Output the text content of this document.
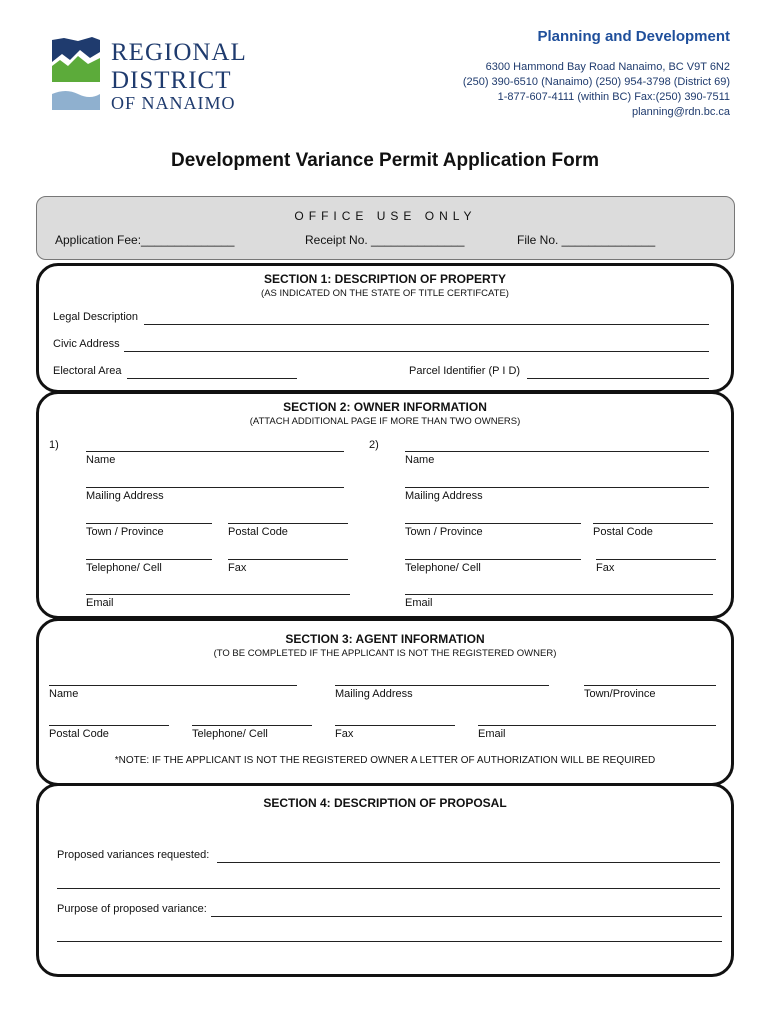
REGIONAL
DISTRICT
OF NANAIMO
Planning and Development
6300 Hammond Bay Road Nanaimo, BC V9T 6N2
(250) 390-6510 (Nanaimo) (250) 954-3798 (District 69)
1-877-607-4111 (within BC) Fax:(250) 390-7511
planning@rdn.bc.ca
Development Variance Permit Application Form
OFFICE USE ONLY
Application Fee:______________	Receipt No. ______________	File No. ______________
SECTION 1: DESCRIPTION OF PROPERTY
(AS INDICATED ON THE STATE OF TITLE CERTIFCATE)
Legal Description
Civic Address
Electoral Area	Parcel Identifier (P I D)
SECTION 2: OWNER INFORMATION
(ATTACH ADDITIONAL PAGE IF MORE THAN TWO OWNERS)
1)
Name
Mailing Address
Town / Province	Postal Code
Telephone/ Cell	Fax
Email
2)
Name
Mailing Address
Town / Province	Postal Code
Telephone/ Cell	Fax
Email
SECTION 3: AGENT INFORMATION
(TO BE COMPLETED IF THE APPLICANT IS NOT THE REGISTERED OWNER)
Name	Mailing Address	Town/Province
Postal Code	Telephone/ Cell	Fax	Email
*NOTE: IF THE APPLICANT IS NOT THE REGISTERED OWNER A LETTER OF AUTHORIZATION WILL BE REQUIRED
SECTION 4: DESCRIPTION OF PROPOSAL
Proposed variances requested:
Purpose of proposed variance:
